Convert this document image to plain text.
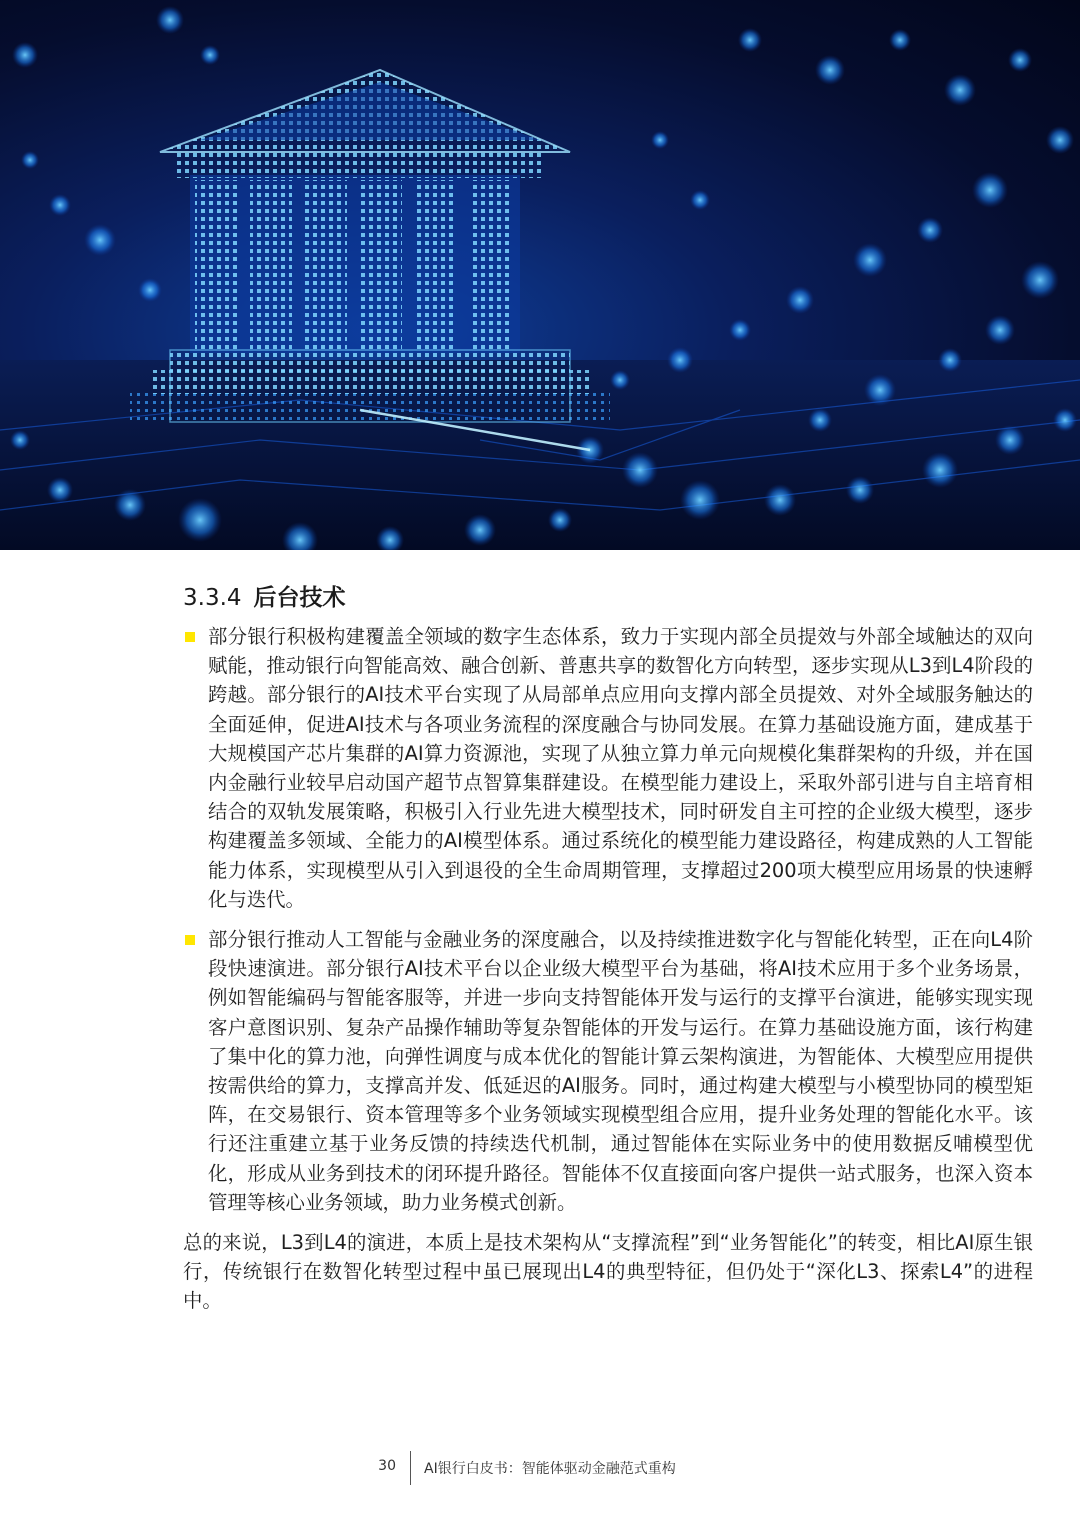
3.3.4 后台技术

部分银行积极构建覆盖全领域的数字生态体系，致力于实现内部全员提效与外部全域触达的双向赋能，推动银行向智能高效、融合创新、普惠共享的数智化方向转型，逐步实现从L3到L4阶段的跨越。部分银行的AI技术平台实现了从局部单点应用向支撑内部全员提效、对外全域服务触达的全面延伸，促进AI技术与各项业务流程的深度融合与协同发展。在算力基础设施方面，建成基于大规模国产芯片集群的AI算力资源池，实现了从独立算力单元向规模化集群架构的升级，并在国内金融行业较早启动国产超节点智算集群建设。在模型能力建设上，采取外部引进与自主培育相结合的双轨发展策略，积极引入行业先进大模型技术，同时研发自主可控的企业级大模型，逐步构建覆盖多领域、全能力的AI模型体系。通过系统化的模型能力建设路径，构建成熟的人工智能能力体系，实现模型从引入到退役的全生命周期管理，支撑超过200项大模型应用场景的快速孵化与迭代。

部分银行推动人工智能与金融业务的深度融合，以及持续推进数字化与智能化转型，正在向L4阶段快速演进。部分银行AI技术平台以企业级大模型平台为基础，将AI技术应用于多个业务场景，例如智能编码与智能客服等，并进一步向支持智能体开发与运行的支撑平台演进，能够实现实现客户意图识别、复杂产品操作辅助等复杂智能体的开发与运行。在算力基础设施方面，该行构建了集中化的算力池，向弹性调度与成本优化的智能计算云架构演进，为智能体、大模型应用提供按需供给的算力，支撑高并发、低延迟的AI服务。同时，通过构建大模型与小模型协同的模型矩阵，在交易银行、资本管理等多个业务领域实现模型组合应用，提升业务处理的智能化水平。该行还注重建立基于业务反馈的持续迭代机制，通过智能体在实际业务中的使用数据反哺模型优化，形成从业务到技术的闭环提升路径。智能体不仅直接面向客户提供一站式服务，也深入资本管理等核心业务领域，助力业务模式创新。

总的来说，L3到L4的演进，本质上是技术架构从“支撑流程”到“业务智能化”的转变，相比AI原生银行，传统银行在数智化转型过程中虽已展现出L4的典型特征，但仍处于“深化L3、探索L4”的进程中。

30 AI银行白皮书：智能体驱动金融范式重构
